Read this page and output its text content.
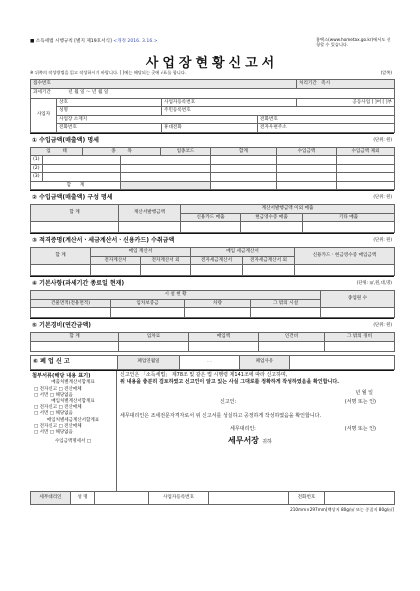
■ 소득세법 시행규칙 [별지 제19호서식] <개정 2016. 3.16.>	홈택스(www.hometax.go.kr)에서도 신청할 수 있습니다.
사업장현황신고서
※ 뒤쪽의 작성방법을 읽고 작성하시기 바랍니다. [ ]에는 해당되는 곳에 √표를 합니다.	(앞쪽)
접수번호				처리기간 즉시
과세기간 년 월 일 ～ 년 월 일				
사업자	상호	사업자등록번호		공동사업 [ ]여 [ ]부
	성명	주민등록번호		
	사업장 소재지		전화번호	
	전화번호	휴대전화	전자우편주소	
① 수입금액(매출액) 명세	(단위: 원)
업 태		종 목		업종코드	합계	수입금액	수입금액 제외
(1)							
(2)							
(3)							
합 계							
② 수입금액(매출액) 구성 명세	(단위: 원)
합 계	계산서발행금액	계산서발행금액 이외 매출		
		신용카드 매출	현금영수증 매출	기타 매출

③ 적격증명(계산서ㆍ세금계산서ㆍ신용카드) 수취금액	(단위: 원)
합 계	매입 계산서		매입 세금계산서		신용카드ㆍ현금영수증 매입금액
	전자계산서	전자계산서 외	전자세금계산서	전자세금계산서 외	

④ 기본사항(과세기간 종료일 현재)	(단위: ㎡,원,대,명)
시 설 현 황				종업원 수
건물면적(전용면적)	임차보증금	차량	그 밖의 시설	

⑤ 기본경비(연간금액)	(단위: 원)
합 계	임차료	매입액	인건비	그 밖의 경비

⑥ 폐 업 신 고	폐업연월일	. .	폐업사유	
첨부서류(해당 내용 표기)
매출처별계산서합계표
□ 전자신고 □ 전산매체
□ 서면 □ 해당없음
매입처별계산서합계표
□ 전자신고 □ 전산매체
□ 서면 □ 해당없음
매입처별세금계산서합계표
□ 전자신고 □ 전산매체
□ 서면 □ 해당없음
수입금액명세서 □

신고인은 「소득세법」 제78조 및 같은 법 시행령 제141조에 따라 신고하며,

위 내용을 충분히 검토하였고 신고인이 알고 있는 사실 그대로를 정확하게 작성하였음을 확인합니다.

년 월 일

신고인:	(서명 또는 인)

세무대리인은 조세전문자격자로서 위 신고서를 성실하고 공정하게 작성하였음을 확인합니다.

세무대리인:	(서명 또는 인)

세무서장 귀하

세무대리인	성 명		사업자등록번호		전화번호	
210mm×297mm[백상지 80g/㎡ 또는 중질지 80g/㎡]
